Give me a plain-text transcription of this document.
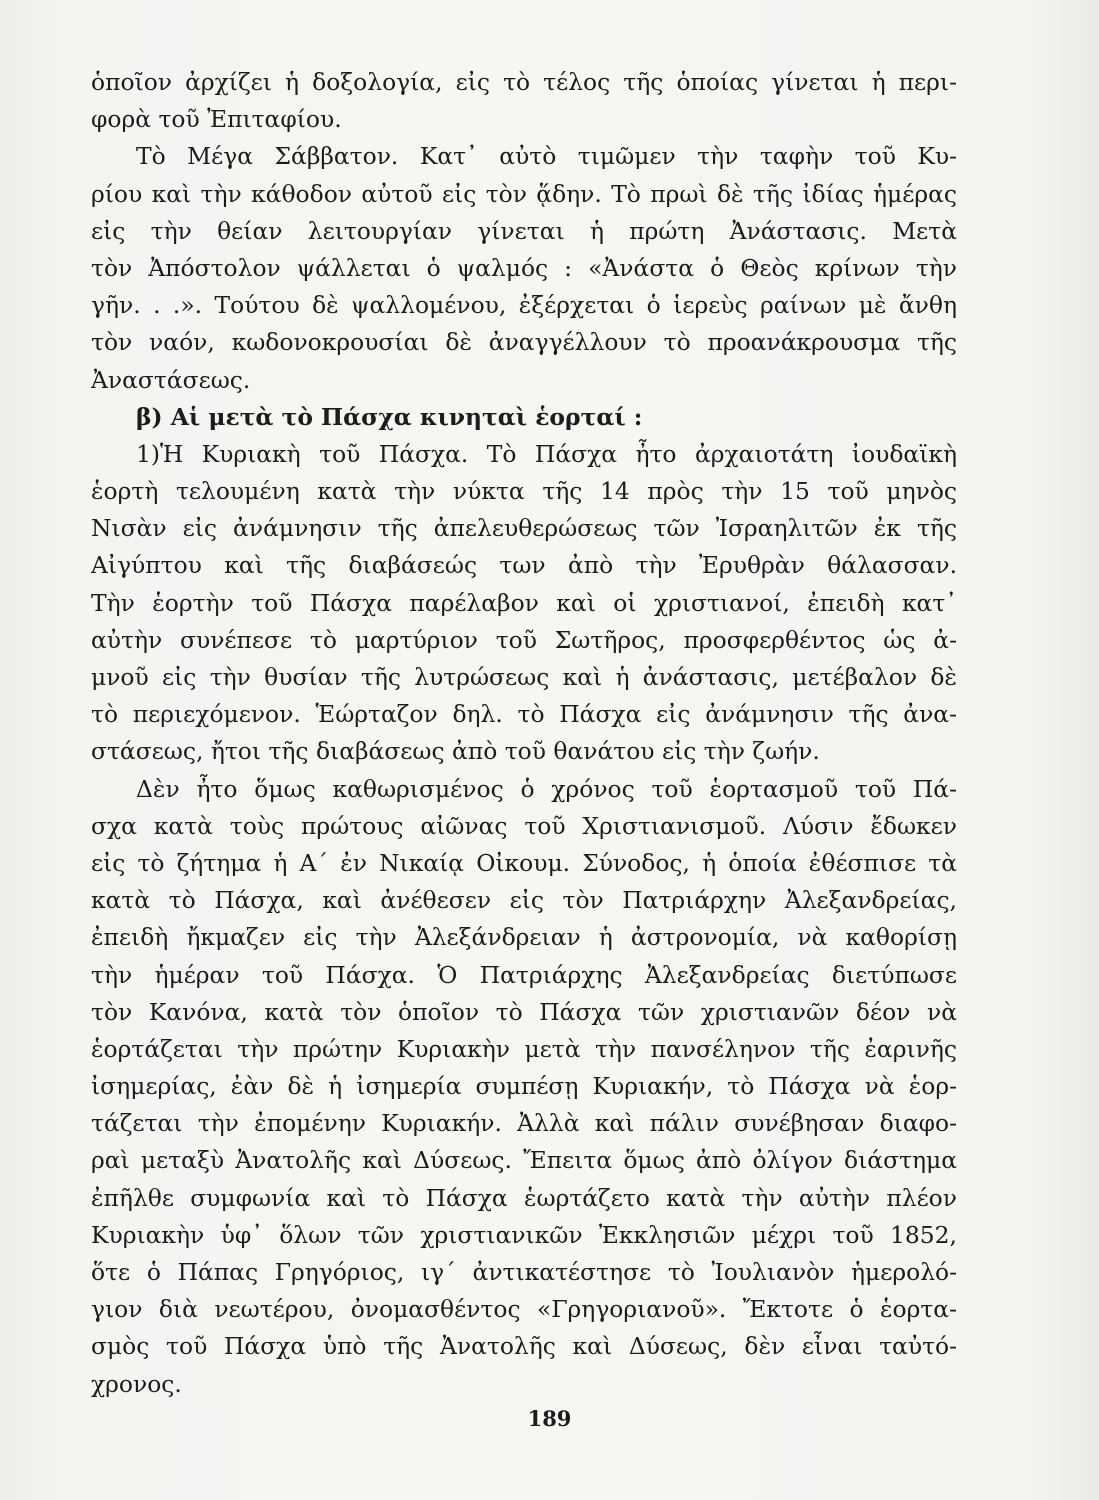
ὁποῖον ἀρχίζει ἡ δοξολογία, εἰς τὸ τέλος τῆς ὁποίας γίνεται ἡ περι-
φορὰ τοῦ Ἐπιταφίου.
Τὸ Μέγα Σάββατον. Κατ᾽ αὐτὸ τιμῶμεν τὴν ταφὴν τοῦ Κυ-
ρίου καὶ τὴν κάθοδον αὐτοῦ εἰς τὸν ᾅδην. Τὸ πρωὶ δὲ τῆς ἰδίας ἡμέρας
εἰς τὴν θείαν λειτουργίαν γίνεται ἡ πρώτη Ἀνάστασις. Μετὰ
τὸν Ἀπόστολον ψάλλεται ὁ ψαλμός : «Ἀνάστα ὁ Θεὸς κρίνων τὴν
γῆν. . .». Τούτου δὲ ψαλλομένου, ἐξέρχεται ὁ ἱερεὺς ραίνων μὲ ἄνθη
τὸν ναόν, κωδονοκρουσίαι δὲ ἀναγγέλλουν τὸ προανάκρουσμα τῆς
Ἀναστάσεως.
β) Αἱ μετὰ τὸ Πάσχα κινηταὶ ἑορταί :
1)Ἡ Κυριακὴ τοῦ Πάσχα. Τὸ Πάσχα ἦτο ἀρχαιοτάτη ἰουδαϊκὴ
ἑορτὴ τελουμένη κατὰ τὴν νύκτα τῆς 14 πρὸς τὴν 15 τοῦ μηνὸς
Νισὰν εἰς ἀνάμνησιν τῆς ἀπελευθερώσεως τῶν Ἰσραηλιτῶν ἐκ τῆς
Αἰγύπτου καὶ τῆς διαβάσεώς των ἀπὸ τὴν Ἐρυθρὰν θάλασσαν.
Τὴν ἑορτὴν τοῦ Πάσχα παρέλαβον καὶ οἱ χριστιανοί, ἐπειδὴ κατ᾽
αὐτὴν συνέπεσε τὸ μαρτύριον τοῦ Σωτῆρος, προσφερθέντος ὡς ἀ-
μνοῦ εἰς τὴν θυσίαν τῆς λυτρώσεως καὶ ἡ ἀνάστασις, μετέβαλον δὲ
τὸ περιεχόμενον. Ἑώρταζον δηλ. τὸ Πάσχα εἰς ἀνάμνησιν τῆς ἀνα-
στάσεως, ἤτοι τῆς διαβάσεως ἀπὸ τοῦ θανάτου εἰς τὴν ζωήν.
Δὲν ἦτο ὅμως καθωρισμένος ὁ χρόνος τοῦ ἑορτασμοῦ τοῦ Πά-
σχα κατὰ τοὺς πρώτους αἰῶνας τοῦ Χριστιανισμοῦ. Λύσιν ἔδωκεν
εἰς τὸ ζήτημα ἡ Α΄ ἐν Νικαίᾳ Οἰκουμ. Σύνοδος, ἡ ὁποία ἐθέσπισε τὰ
κατὰ τὸ Πάσχα, καὶ ἀνέθεσεν εἰς τὸν Πατριάρχην Ἀλεξανδρείας,
ἐπειδὴ ἤκμαζεν εἰς τὴν Ἀλεξάνδρειαν ἡ ἀστρονομία, νὰ καθορίσῃ
τὴν ἡμέραν τοῦ Πάσχα. Ὁ Πατριάρχης Ἀλεξανδρείας διετύπωσε
τὸν Κανόνα, κατὰ τὸν ὁποῖον τὸ Πάσχα τῶν χριστιανῶν δέον νὰ
ἑορτάζεται τὴν πρώτην Κυριακὴν μετὰ τὴν πανσέληνον τῆς ἐαρινῆς
ἰσημερίας, ἐὰν δὲ ἡ ἰσημερία συμπέσῃ Κυριακήν, τὸ Πάσχα νὰ ἑορ-
τάζεται τὴν ἐπομένην Κυριακήν. Ἀλλὰ καὶ πάλιν συνέβησαν διαφο-
ραὶ μεταξὺ Ἀνατολῆς καὶ Δύσεως. Ἔπειτα ὅμως ἀπὸ ὀλίγον διάστημα
ἐπῆλθε συμφωνία καὶ τὸ Πάσχα ἑωρτάζετο κατὰ τὴν αὐτὴν πλέον
Κυριακὴν ὑφ᾽ ὅλων τῶν χριστιανικῶν Ἐκκλησιῶν μέχρι τοῦ 1852,
ὅτε ὁ Πάπας Γρηγόριος, ιγ΄ ἀντικατέστησε τὸ Ἰουλιανὸν ἡμερολό-
γιον διὰ νεωτέρου, ὀνομασθέντος «Γρηγοριανοῦ». Ἔκτοτε ὁ ἑορτα-
σμὸς τοῦ Πάσχα ὑπὸ τῆς Ἀνατολῆς καὶ Δύσεως, δὲν εἶναι ταὐτό-
χρονος.
189
